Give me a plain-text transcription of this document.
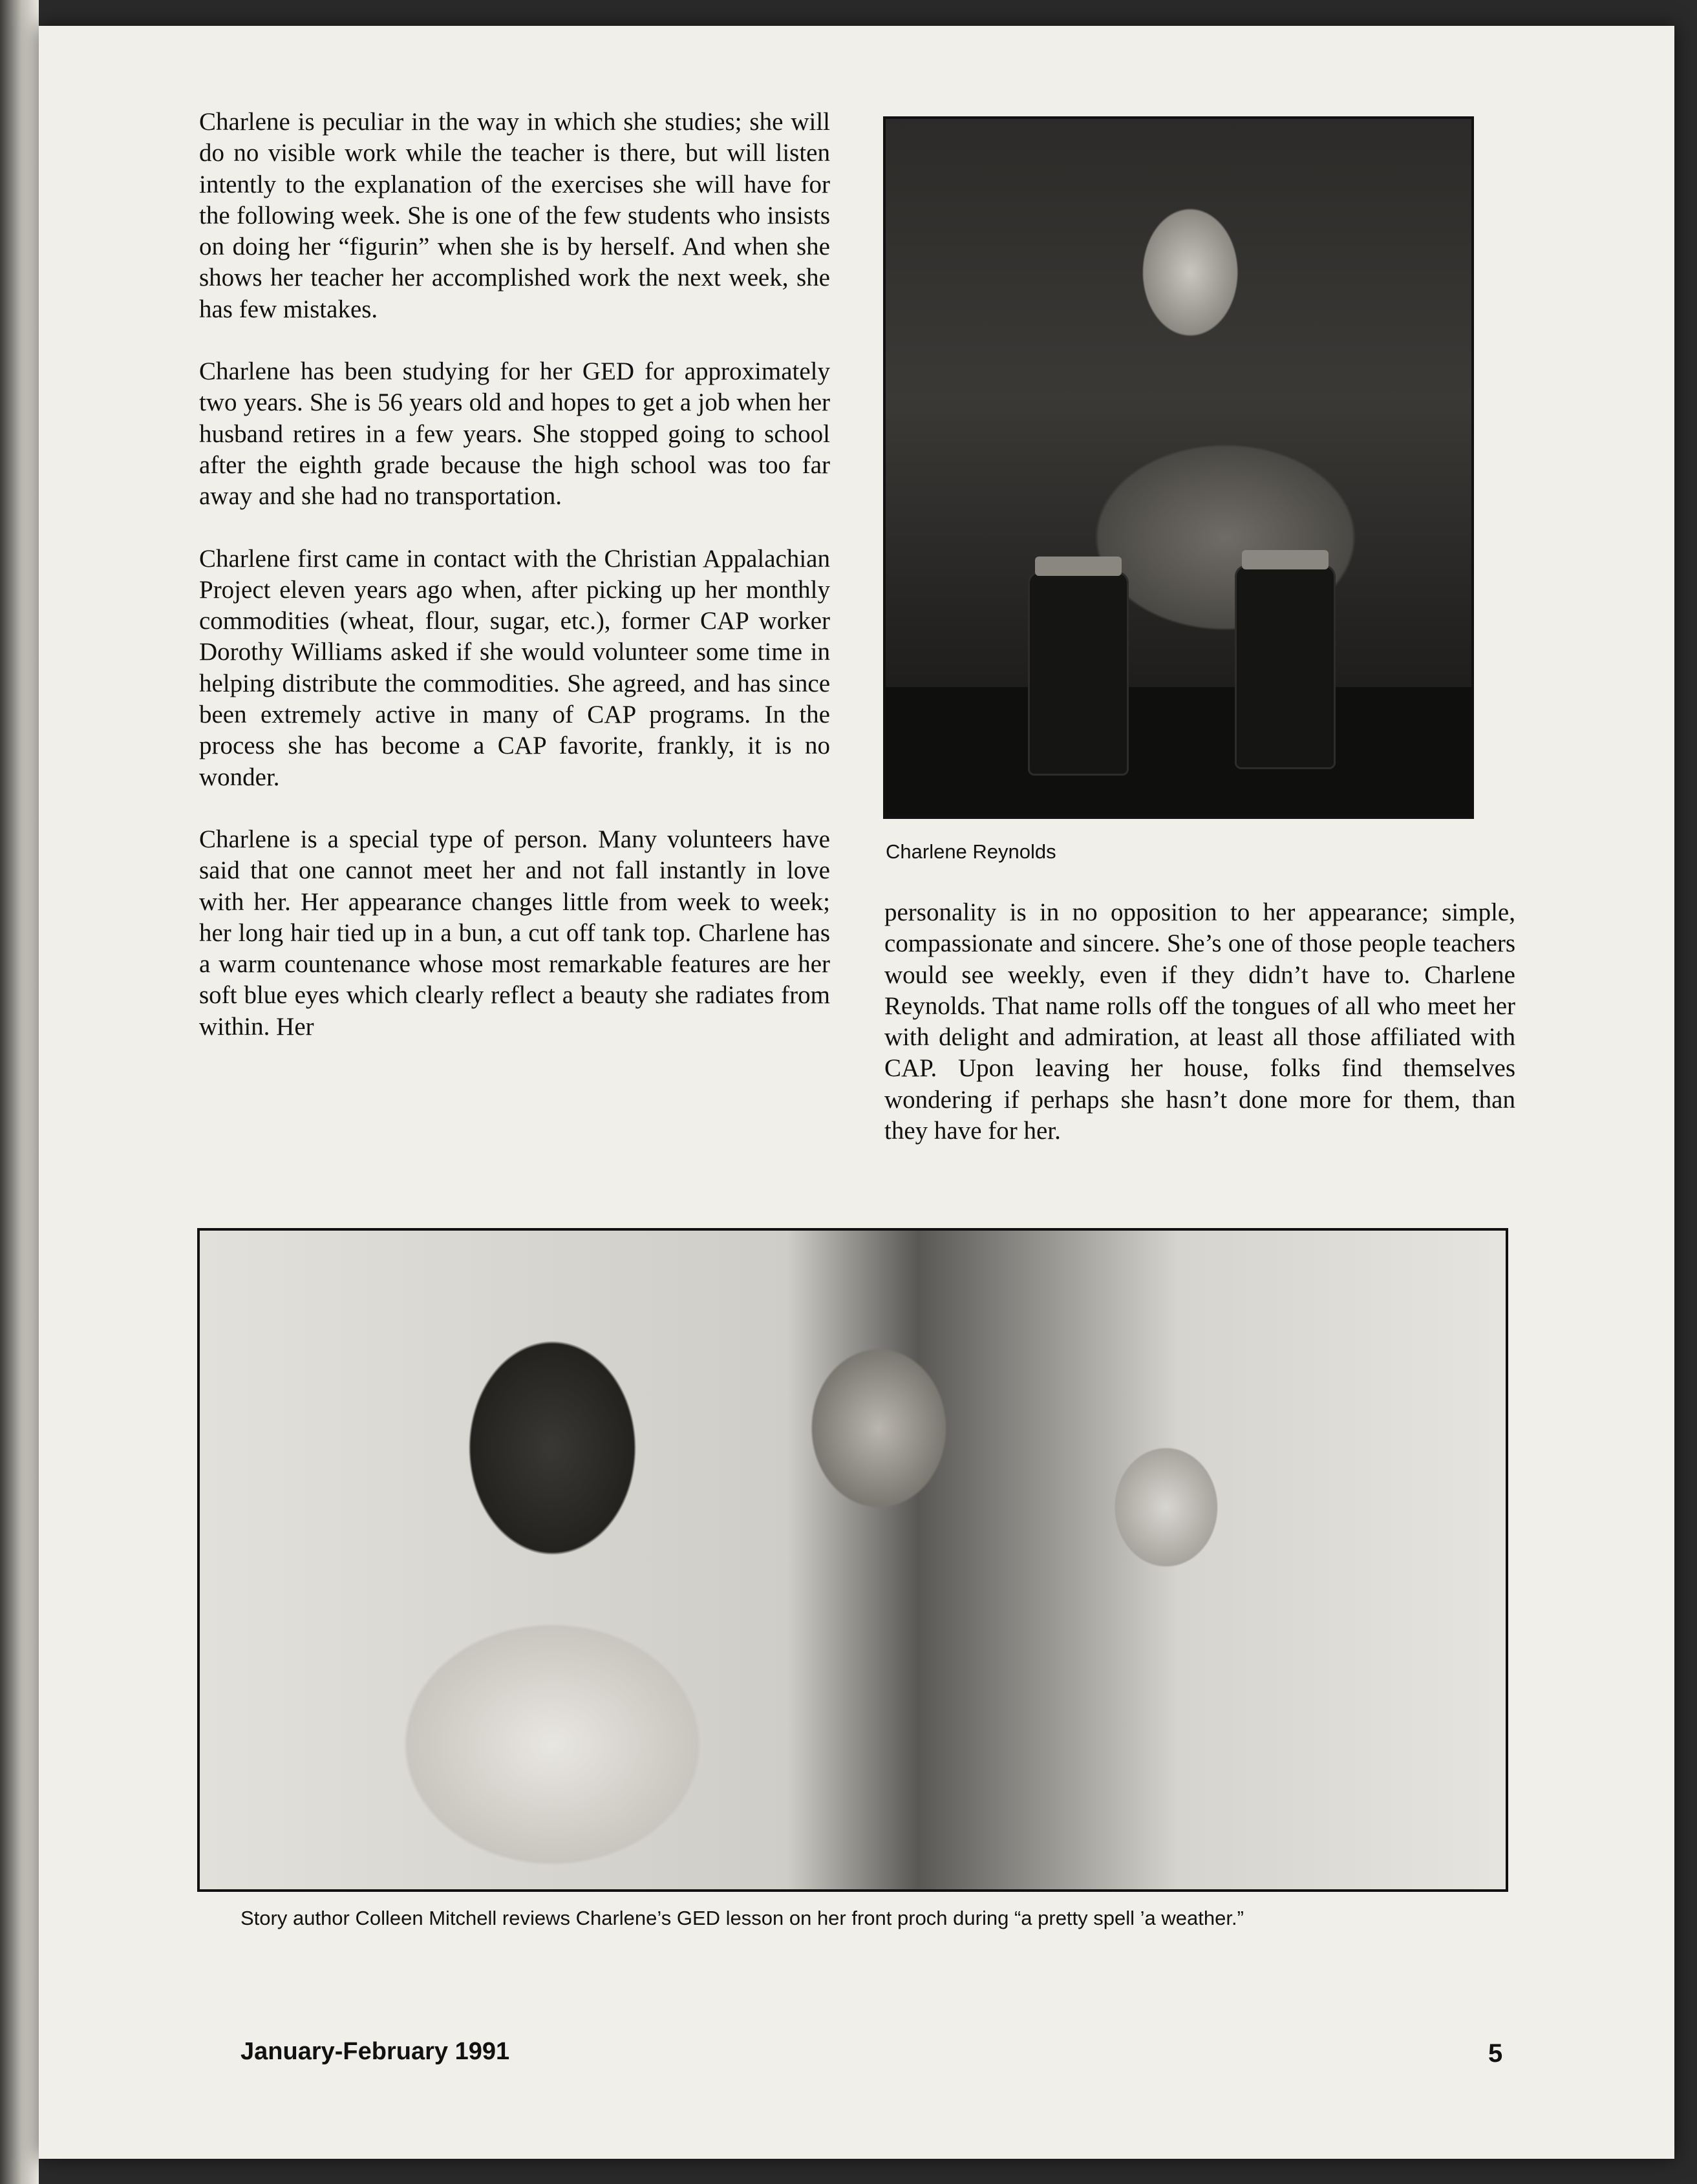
Charlene is peculiar in the way in which she studies; she will do no visible work while the teacher is there, but will listen intently to the explanation of the exercises she will have for the following week. She is one of the few students who insists on doing her “figurin” when she is by herself. And when she shows her teacher her accomplished work the next week, she has few mistakes.

Charlene has been studying for her GED for approximately two years. She is 56 years old and hopes to get a job when her husband retires in a few years. She stopped going to school after the eighth grade because the high school was too far away and she had no transportation.

Charlene first came in contact with the Christian Appalachian Project eleven years ago when, after picking up her monthly commodities (wheat, flour, sugar, etc.), former CAP worker Dorothy Williams asked if she would volunteer some time in helping distribute the commodities. She agreed, and has since been extremely active in many of CAP programs. In the process she has become a CAP favorite, frankly, it is no wonder.

Charlene is a special type of person. Many volunteers have said that one cannot meet her and not fall instantly in love with her. Her appearance changes little from week to week; her long hair tied up in a bun, a cut off tank top. Charlene has a warm countenance whose most remarkable features are her soft blue eyes which clearly reflect a beauty she radiates from within. Her

Charlene Reynolds

personality is in no opposition to her appearance; simple, compassionate and sincere. She’s one of those people teachers would see weekly, even if they didn’t have to. Charlene Reynolds. That name rolls off the tongues of all who meet her with delight and admiration, at least all those affiliated with CAP. Upon leaving her house, folks find themselves wondering if perhaps she hasn’t done more for them, than they have for her.

Story author Colleen Mitchell reviews Charlene’s GED lesson on her front proch during “a pretty spell ’a weather.”
January-February 1991	5
